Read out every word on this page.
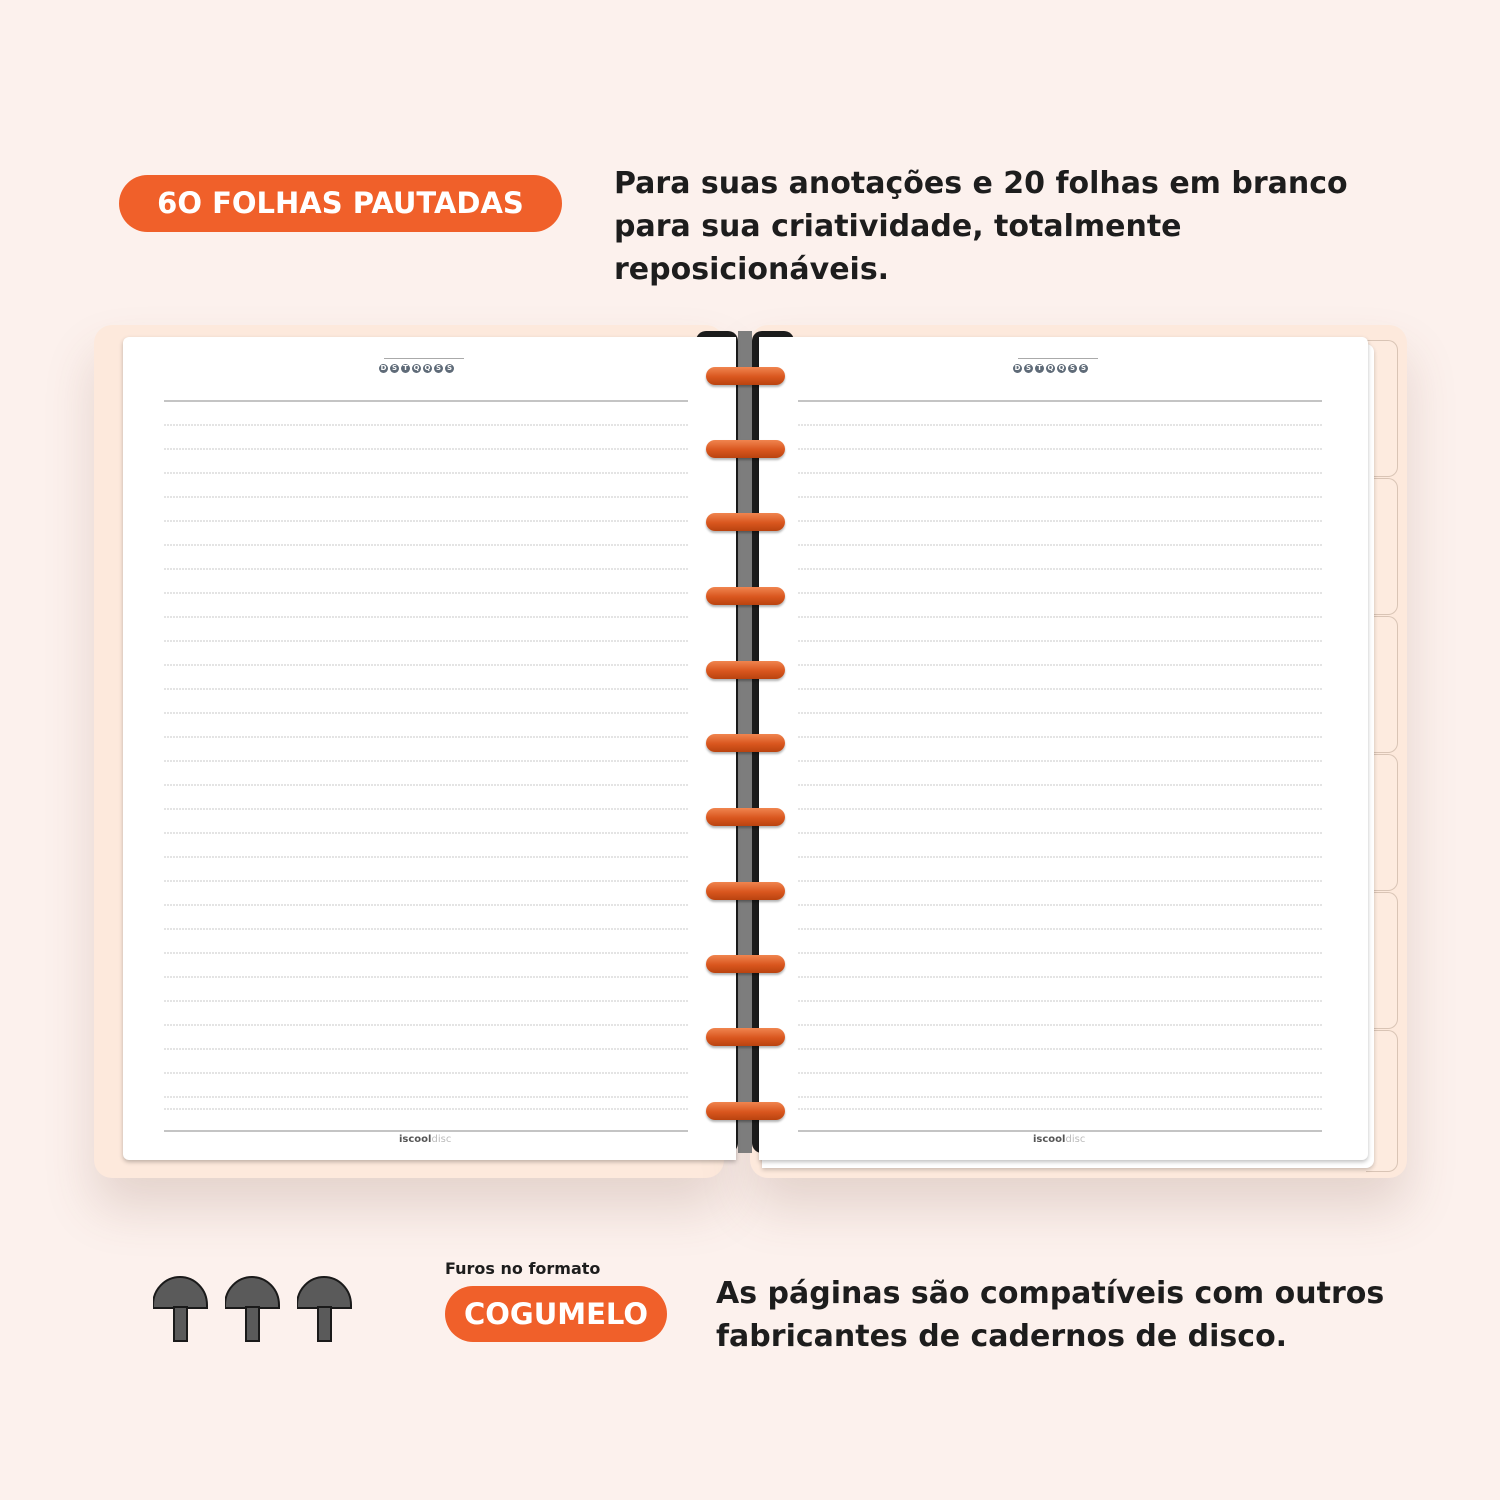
6O FOLHAS PAUTADAS
Para suas anotações e 20 folhas em branco para sua criatividade, totalmente reposicionáveis.
D S T Q Q S S
iscooldisc
D S T Q Q S S
iscooldisc
Furos no formato
COGUMELO
As páginas são compatíveis com outros fabricantes de cadernos de disco.
